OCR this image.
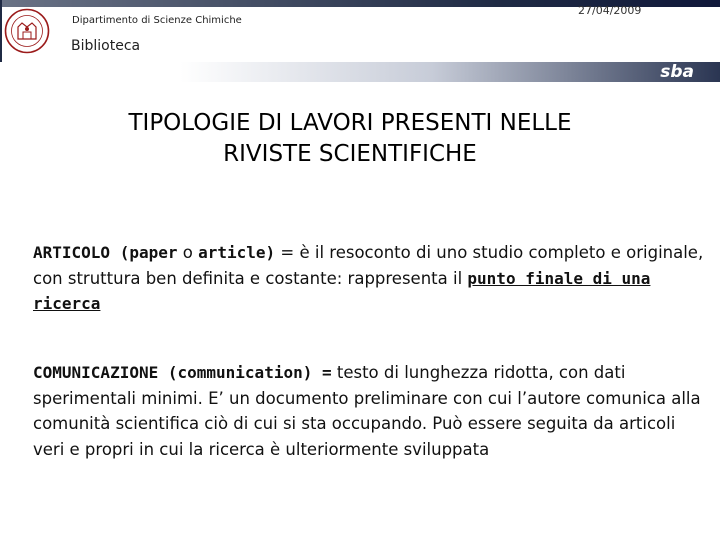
Dipartimento di Scienze Chimiche
27/04/2009
Biblioteca
s b a
TIPOLOGIE DI LAVORI PRESENTI NELLE
RIVISTE SCIENTIFICHE
ARTICOLO (paper o article) = è il resoconto di uno studio completo e originale, con struttura ben definita e costante: rappresenta il punto finale di una ricerca
COMUNICAZIONE (communication) = testo di lunghezza ridotta, con dati sperimentali minimi. E’ un documento preliminare con cui l’autore comunica alla comunità scientifica ciò di cui si sta occupando. Può essere seguita da articoli veri e propri in cui la ricerca è ulteriormente sviluppata
